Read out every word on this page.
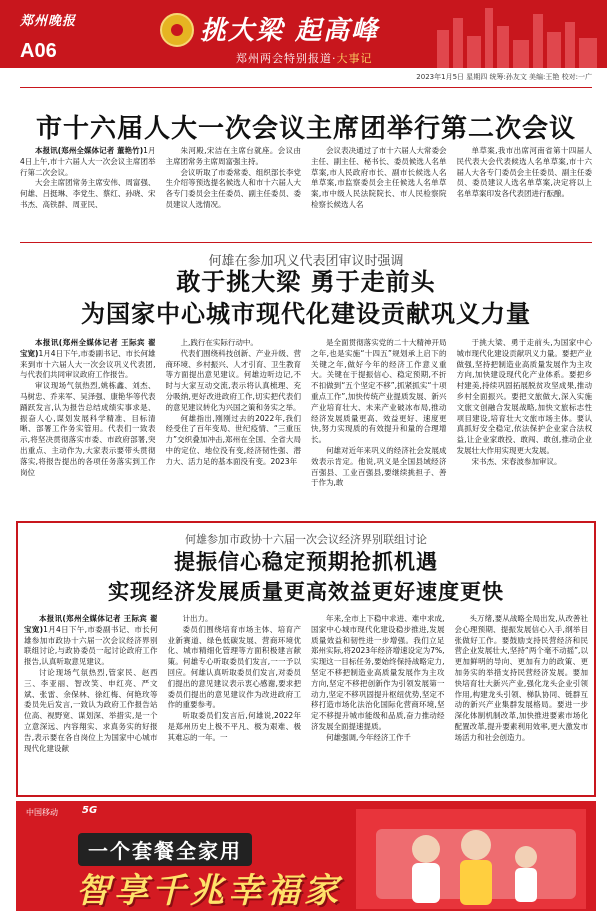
郑州晚报
A06
挑大梁 起高峰
郑州两会特别报道·大事记
2023年1月5日 星期四 统筹:孙友文 美编:王艳 校对:一广
市十六届人大一次会议主席团举行第二次会议

本报讯(郑州全媒体记者 董艳竹)1月4日上午,市十六届人大一次会议主席团举行第二次会议。

大会主席团常务主席安伟、周富强、何雄、吕挺琳、李党生、蔡红、孙晓、宋书杰、高铁群、周亚民、

朱河殿,宋洁在主席台就座。会议由主席团常务主席周富强主持。

会议听取了市委常委、组织部长李党生介绍等预选提名候选人和市十六届人大各专门委员会主任委员、副主任委员、委员建议人选情况。

会议表决通过了市十六届人大常委会主任、副主任、秘书长、委员候选人名单草案,市人民政府市长、副市长候选人名单草案,市监察委员会主任候选人名单草案,市中级人民法院院长、市人民检察院检察长候选人名

单草案,我市出席河南省第十四届人民代表大会代表候选人名单草案,市十六届人大各专门委员会主任委员、副主任委员、委员建议人选名单草案,决定将以上名单草案印发各代表团进行酝酿。

何雄在参加巩义代表团审议时强调
敢于挑大梁 勇于走前头
为国家中心城市现代化建设贡献巩义力量

本报讯(郑州全媒体记者 王际宾 翟宝宽)1月4日下午,市委副书记、市长何雄来到市十六届人大一次会议巩义代表团,与代表们共同审议政府工作报告。

审议现场气氛热烈,姚栋鑫、刘杰、马树忠、乔来军、吴泽强、康艳华等代表踊跃发言,认为报告总结成绩实事求是、振奋人心,谋划发展科学精准、目标清晰、部署工作务实管用。代表们一致表示,将坚决贯彻落实市委、市政府部署,突出重点、主动作为,大家表示要带头贯彻落实,将报告提出的各项任务落实到工作岗位

上,践行在实际行动中。

代表们围绕科技创新、产业升级、营商环境、乡村振兴、人才引育、卫生教育等方面提出意见建议。何雄边听边记,不时与大家互动交流,表示将认真梳理、充分吸纳,更好改进政府工作,切实把代表们的意见建议转化为兴国之策和务实之举。

何雄指出,刚刚过去的2022年,我们经受住了百年变局、世纪疫情、“三重压力”交织叠加冲击,郑州在全国、全省大局中的定位、地位没有变,经济韧性强、潜力大、活力足的基本面没有变。2023年

是全面贯彻落实党的二十大精神开局之年,也是实施“十四五”规划承上启下的关键之年,做好今年的经济工作意义重大。关键在于提振信心、稳定预期,不折不扣做到“五个坚定不移”,抓紧抓实“十项重点工作”,加快传统产业提质发展、新兴产业培育壮大、未来产业破冰布局,推动经济发展质量更高、效益更好、速度更快,努力实现质的有效提升和量的合理增长。

何雄对近年来巩义的经济社会发展成效表示肯定。他说,巩义是全国县域经济百强县、工业百强县,要继续挑担子、善于作为,敢

于挑大梁、勇于走前头,为国家中心城市现代化建设贡献巩义力量。要把产业做强,坚持把制造业高质量发展作为主攻方向,加快建设现代化产业体系。要把乡村建美,持续巩固拓展脱贫攻坚成果,推动乡村全面振兴。要把文旅做大,深入实施文旅文创融合发展战略,加快文旅标志性项目建设,培育壮大文旅市场主体。要认真抓好安全稳定,依法保护企业家合法权益,让企业家敢投、敢闯、敢创,推动企业发展壮大作用实现更大发展。

宋书杰、宋春波参加审议。

何雄参加市政协十六届一次会议经济界别联组讨论
提振信心稳定预期抢抓机遇
实现经济发展质量更高效益更好速度更快

本报讯(郑州全媒体记者 王际宾 翟宝宽)1月4日下午,市委副书记、市长何雄参加市政协十六届一次会议经济界别联组讨论,与政协委员一起讨论政府工作报告,认真听取意见建议。

讨论现场气氛热烈,管家民、赵西三、李亚丽、智改笑、申红亮、严文斌、张雷、余保林、徐红梅、何艳玫等委员先后发言,一致认为政府工作报告站位高、视野宽、谋划深、举措实,是一个立意深远、内容翔实、求真务实的好报告,表示要在各自岗位上为国家中心城市现代化建设献

计出力。

委员们围绕培育市场主体、培育产业新赛道、绿色低碳发展、营商环境优化、城市精细化管理等方面积极建言献策。何雄专心听取委员们发言,一一予以回应。何雄认真听取委员们发言,对委员们提出的意见建议表示衷心感谢,要求把委员们提出的意见建议作为改进政府工作的重要参考。

听取委员们发言后,何雄说,2022年是郑州历史上极不平凡、极为艰难、极其难忘的一年。一

年来,全市上下稳中求进、难中求成,国家中心城市现代化建设稳步推进,发展质量效益和韧性进一步增强。我们立足郑州实际,将2023年经济增速设定为7%,实现这一目标任务,要始终保持战略定力,坚定不移把制造业高质量发展作为主攻方向,坚定不移把创新作为引领发展第一动力,坚定不移巩固提升枢纽优势,坚定不移打造市场化法治化国际化营商环境,坚定不移提升城市能级和品质,奋力推动经济发展全面提速提质。

何雄强调,今年经济工作千

头万绪,要从战略全局出发,从改善社会心理预期、提振发展信心入手,纲举目张做好工作。要鼓励支持民营经济和民营企业发展壮大,坚持“两个毫不动摇”,以更加鲜明的导向、更加有力的政策、更加务实的举措支持民营经济发展。要加快培育壮大新兴产业,强化龙头企业引领作用,构建龙头引领、梯队协同、链群互动的新兴产业集群发展格局。要进一步深化体制机制改革,加快推进要素市场化配置改革,提升要素利用效率,更大激发市场活力和社会创造力。

中国移动 5G
一个套餐全家用
智享千兆幸福家
